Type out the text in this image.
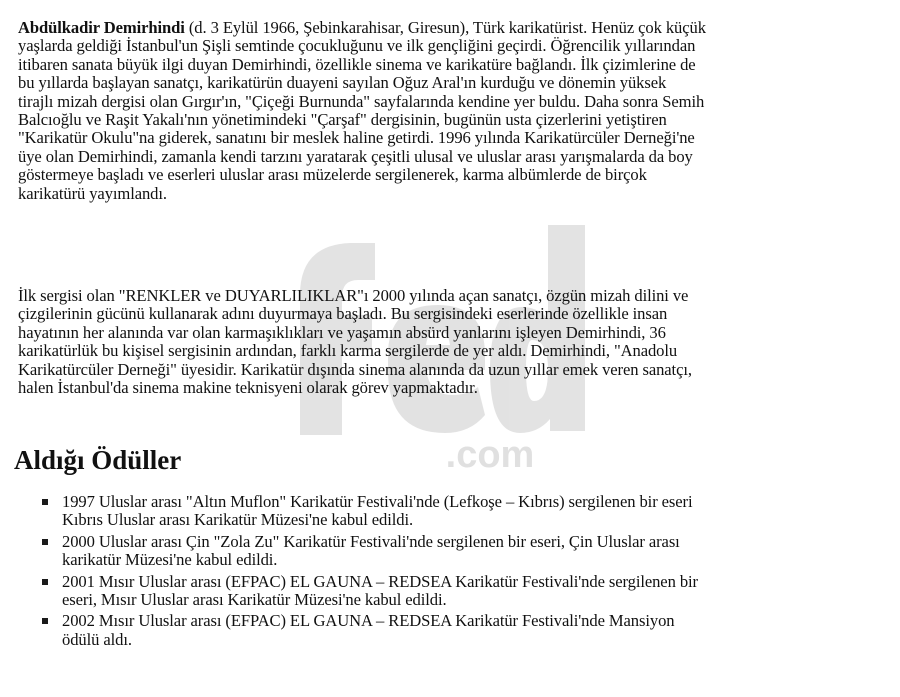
.com
Abdülkadir Demirhindi (d. 3 Eylül 1966, Şebinkarahisar, Giresun), Türk karikatürist. Henüz çok küçük
yaşlarda geldiği İstanbul'un Şişli semtinde çocukluğunu ve ilk gençliğini geçirdi. Öğrencilik yıllarından
itibaren sanata büyük ilgi duyan Demirhindi, özellikle sinema ve karikatüre bağlandı. İlk çizimlerine de
bu yıllarda başlayan sanatçı, karikatürün duayeni sayılan Oğuz Aral'ın kurduğu ve dönemin yüksek
tirajlı mizah dergisi olan Gırgır'ın, "Çiçeği Burnunda" sayfalarında kendine yer buldu. Daha sonra Semih
Balcıoğlu ve Raşit Yakalı'nın yönetimindeki "Çarşaf" dergisinin, bugünün usta çizerlerini yetiştiren
"Karikatür Okulu"na giderek, sanatını bir meslek haline getirdi. 1996 yılında Karikatürcüler Derneği'ne
üye olan Demirhindi, zamanla kendi tarzını yaratarak çeşitli ulusal ve uluslar arası yarışmalarda da boy
göstermeye başladı ve eserleri uluslar arası müzelerde sergilenerek, karma albümlerde de birçok
karikatürü yayımlandı.
İlk sergisi olan "RENKLER ve DUYARLILIKLAR"ı 2000 yılında açan sanatçı, özgün mizah dilini ve
çizgilerinin gücünü kullanarak adını duyurmaya başladı. Bu sergisindeki eserlerinde özellikle insan
hayatının her alanında var olan karmaşıklıkları ve yaşamın absürd yanlarını işleyen Demirhindi, 36
karikatürlük bu kişisel sergisinin ardından, farklı karma sergilerde de yer aldı. Demirhindi, "Anadolu
Karikatürcüler Derneği" üyesidir. Karikatür dışında sinema alanında da uzun yıllar emek veren sanatçı,
halen İstanbul'da sinema makine teknisyeni olarak görev yapmaktadır.
Aldığı Ödüller
1997 Uluslar arası "Altın Muflon" Karikatür Festivali'nde (Lefkoşe – Kıbrıs) sergilenen bir eseri
Kıbrıs Uluslar arası Karikatür Müzesi'ne kabul edildi.
2000 Uluslar arası Çin "Zola Zu" Karikatür Festivali'nde sergilenen bir eseri, Çin Uluslar arası
karikatür Müzesi'ne kabul edildi.
2001 Mısır Uluslar arası (EFPAC) EL GAUNA – REDSEA Karikatür Festivali'nde sergilenen bir
eseri, Mısır Uluslar arası Karikatür Müzesi'ne kabul edildi.
2002 Mısır Uluslar arası (EFPAC) EL GAUNA – REDSEA Karikatür Festivali'nde Mansiyon
ödülü aldı.
